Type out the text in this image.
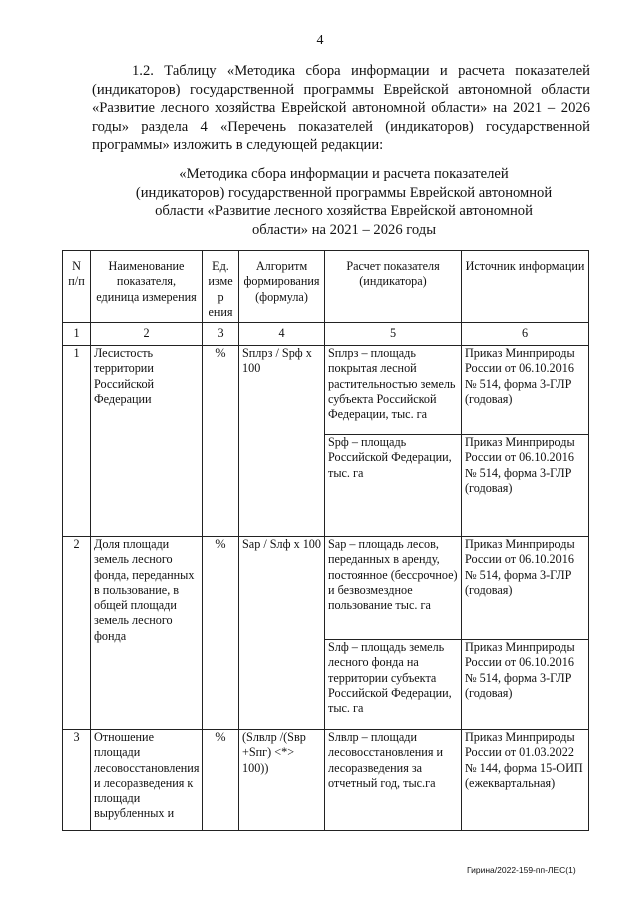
4
1.2. Таблицу «Методика сбора информации и расчета показателей (индикаторов) государственной программы Еврейской автономной области «Развитие лесного хозяйства Еврейской автономной области» на 2021 – 2026 годы» раздела 4 «Перечень показателей (индикаторов) государственной программы» изложить в следующей редакции:
«Методика сбора информации и расчета показателей
(индикаторов) государственной программы Еврейской автономной
области «Развитие лесного хозяйства Еврейской автономной
области» на 2021 – 2026 годы
N п/п	Наименование показателя, единица измерения	Ед. изме р ения	Алгоритм формирования (формула)	Расчет показателя (индикатора)	Источник информации
1	2	3	4	5	6
1	Лесистость территории Российской Федерации	%	Sплрз / Sрф x 100	Sплрз – площадь покрытая лесной растительностью земель субъекта Российской Федерации, тыс. га	Приказ Минприроды России от 06.10.2016 № 514, форма 3-ГЛР (годовая)
				Sрф – площадь Российской Федерации, тыс. га	Приказ Минприроды России от 06.10.2016 № 514, форма 3-ГЛР (годовая)
2	Доля площади земель лесного фонда, переданных в пользование, в общей площади земель лесного фонда	%	Sар / Sлф x 100	Sар – площадь лесов, переданных в аренду, постоянное (бессрочное) и безвозмездное пользование тыс. га	Приказ Минприроды России от 06.10.2016 № 514, форма 3-ГЛР (годовая)
				Sлф – площадь земель лесного фонда на территории субъекта Российской Федерации, тыс. га	Приказ Минприроды России от 06.10.2016 № 514, форма 3-ГЛР (годовая)
3	Отношение площади лесовосстановления и лесоразведения к площади вырубленных и	%	(Sлвлр /(Sвр +Sпг) <*> 100))	Sлвлр – площади лесовосстановления и лесоразведения за отчетный год, тыс.га	Приказ Минприроды России от 01.03.2022 № 144, форма 15-ОИП (ежеквартальная)
Гирина/2022-159-пп-ЛЕС(1)
